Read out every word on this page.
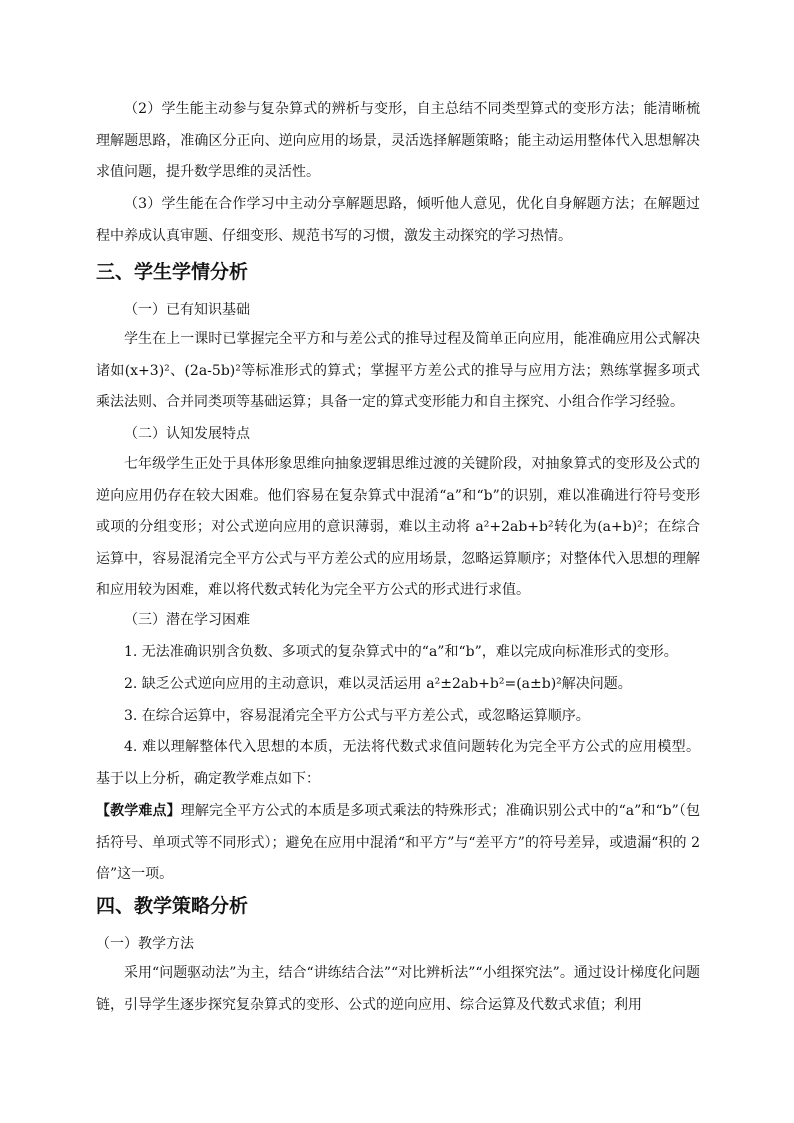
（2）学生能主动参与复杂算式的辨析与变形，自主总结不同类型算式的变形方法；能清晰梳理解题思路，准确区分正向、逆向应用的场景，灵活选择解题策略；能主动运用整体代入思想解决求值问题，提升数学思维的灵活性。

（3）学生能在合作学习中主动分享解题思路，倾听他人意见，优化自身解题方法；在解题过程中养成认真审题、仔细变形、规范书写的习惯，激发主动探究的学习热情。

三、学生学情分析

（一）已有知识基础

学生在上一课时已掌握完全平方和与差公式的推导过程及简单正向应用，能准确应用公式解决诸如(x+3)²、(2a-5b)²等标准形式的算式；掌握平方差公式的推导与应用方法；熟练掌握多项式乘法法则、合并同类项等基础运算；具备一定的算式变形能力和自主探究、小组合作学习经验。

（二）认知发展特点

七年级学生正处于具体形象思维向抽象逻辑思维过渡的关键阶段，对抽象算式的变形及公式的逆向应用仍存在较大困难。他们容易在复杂算式中混淆“a”和“b”的识别，难以准确进行符号变形或项的分组变形；对公式逆向应用的意识薄弱，难以主动将 a²+2ab+b²转化为(a+b)²；在综合运算中，容易混淆完全平方公式与平方差公式的应用场景，忽略运算顺序；对整体代入思想的理解和应用较为困难，难以将代数式转化为完全平方公式的形式进行求值。

（三）潜在学习困难

1. 无法准确识别含负数、多项式的复杂算式中的“a”和“b”，难以完成向标准形式的变形。

2. 缺乏公式逆向应用的主动意识，难以灵活运用 a²±2ab+b²=(a±b)²解决问题。

3. 在综合运算中，容易混淆完全平方公式与平方差公式，或忽略运算顺序。

4. 难以理解整体代入思想的本质，无法将代数式求值问题转化为完全平方公式的应用模型。基于以上分析，确定教学难点如下：

【教学难点】理解完全平方公式的本质是多项式乘法的特殊形式；准确识别公式中的“a”和“b”（包括符号、单项式等不同形式）；避免在应用中混淆“和平方”与“差平方”的符号差异，或遗漏“积的 2 倍”这一项。

四、教学策略分析

（一）教学方法

采用“问题驱动法”为主，结合“讲练结合法”“对比辨析法”“小组探究法”。通过设计梯度化问题链，引导学生逐步探究复杂算式的变形、公式的逆向应用、综合运算及代数式求值；利用
